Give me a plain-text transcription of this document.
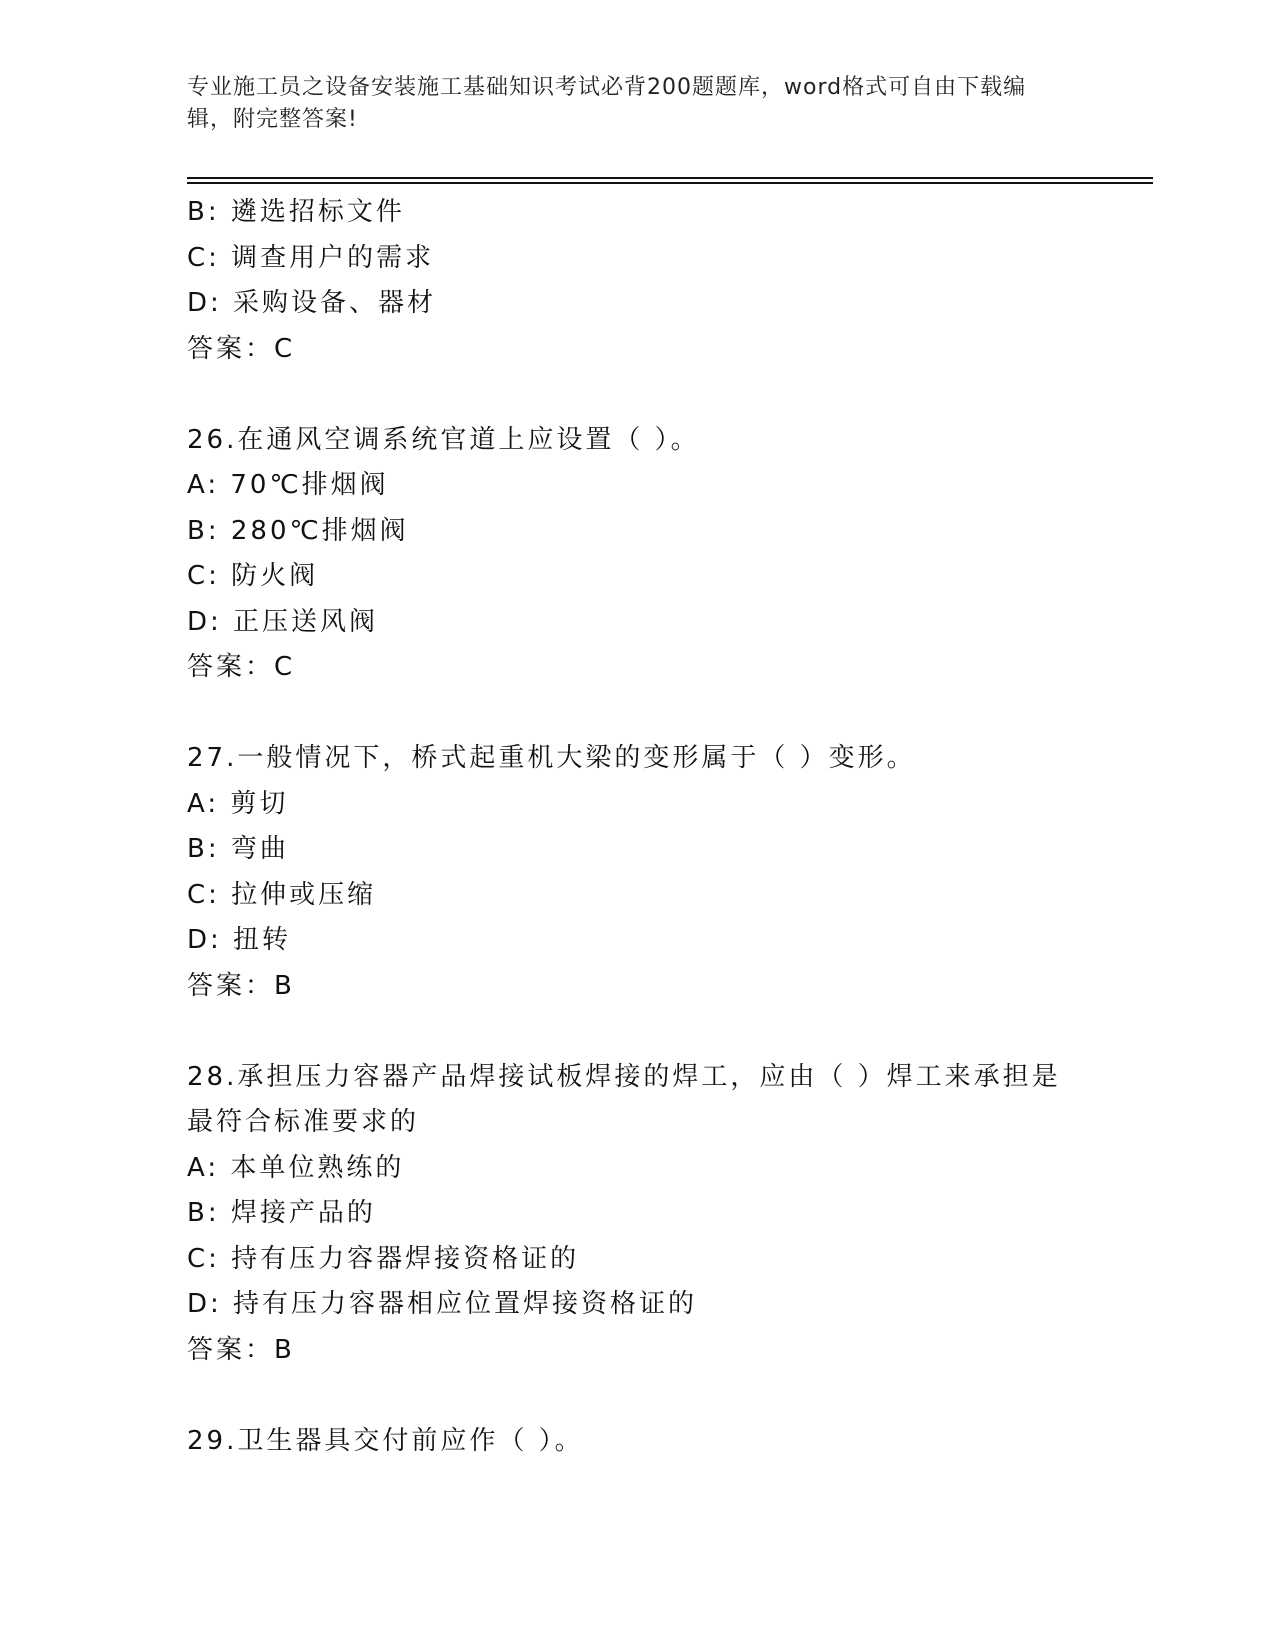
专业施工员之设备安装施工基础知识考试必背200题题库，word格式可自由下载编辑，附完整答案!
B: 遴选招标文件
C: 调查用户的需求
D: 采购设备、器材
答案：C
26.在通风空调系统官道上应设置（ ）。
A: 70℃排烟阀
B: 280℃排烟阀
C: 防火阀
D: 正压送风阀
答案：C
27.一般情况下，桥式起重机大梁的变形属于（ ）变形。
A: 剪切
B: 弯曲
C: 拉伸或压缩
D: 扭转
答案：B
28.承担压力容器产品焊接试板焊接的焊工，应由（ ）焊工来承担是最符合标准要求的
A: 本单位熟练的
B: 焊接产品的
C: 持有压力容器焊接资格证的
D: 持有压力容器相应位置焊接资格证的
答案：B
29.卫生器具交付前应作（ ）。
